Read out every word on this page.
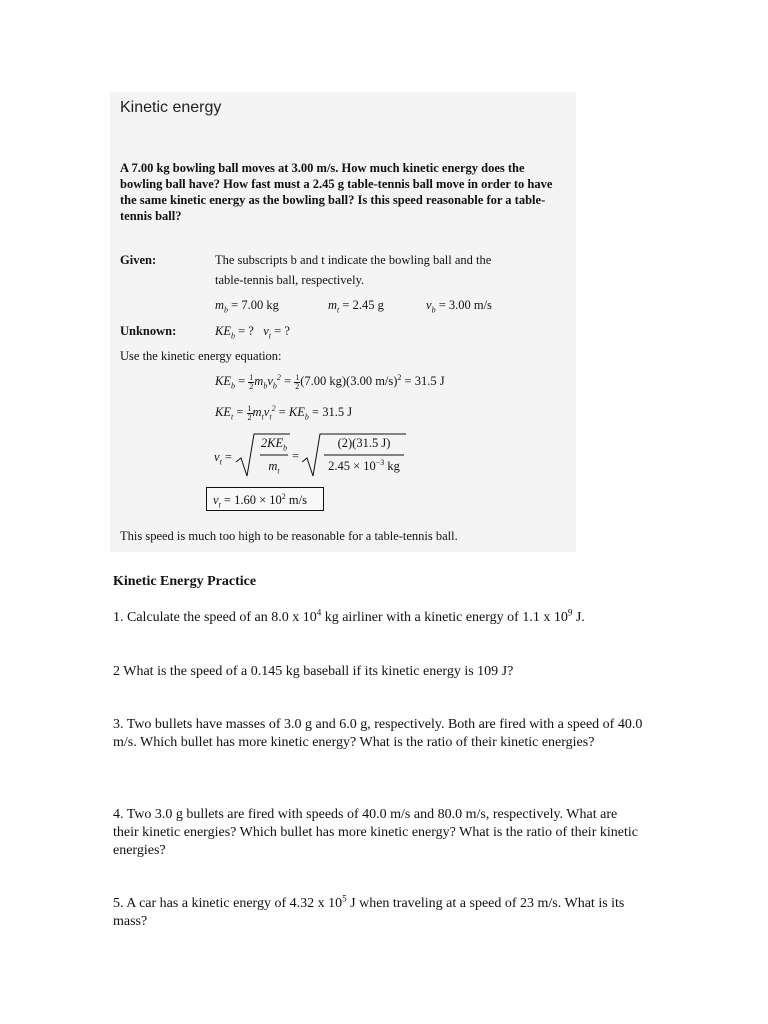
Kinetic energy
A 7.00 kg bowling ball moves at 3.00 m/s. How much kinetic energy does the bowling ball have? How fast must a 2.45 g table-tennis ball move in order to have the same kinetic energy as the bowling ball? Is this speed reasonable for a table-tennis ball?
Given:	The subscripts b and t indicate the bowling ball and the
table-tennis ball, respectively.
$m_b = 7.00$ kg	$m_t = 2.45$ g	$v_b = 3.00$ m/s
Unknown:	$KE_b$ = ? $v_t$ = ?
Use the kinetic energy equation:
$KE_b = \frac{1}{2} m_bv_b^2 = \frac{1}{2} (7.00$ kg)(3.00 m/s)$^2$ = 31.5 J
$KE_t = \frac{1}{2} m_tv_t^2 = KE_b = 31.5$ J
$v_t$ =	=
$2KE_b$
$m_t$
(2)(31.5 J)
$2.45 \times 10^{-3}$ kg
$v_t = 1.60 \times 10^2$ m/s
This speed is much too high to be reasonable for a table-tennis ball.
Kinetic Energy Practice
1. Calculate the speed of an 8.0 x $10^4$ kg airliner with a kinetic energy of 1.1 x $10^9$ J.
2 What is the speed of a 0.145 kg baseball if its kinetic energy is 109 J?
3. Two bullets have masses of 3.0 g and 6.0 g, respectively. Both are fired with a speed of 40.0 m/s. Which bullet has more kinetic energy? What is the ratio of their kinetic energies?
4. Two 3.0 g bullets are fired with speeds of 40.0 m/s and 80.0 m/s, respectively. What are their kinetic energies? Which bullet has more kinetic energy? What is the ratio of their kinetic energies?
5. A car has a kinetic energy of 4.32 x $10^5$ J when traveling at a speed of 23 m/s. What is its mass?
